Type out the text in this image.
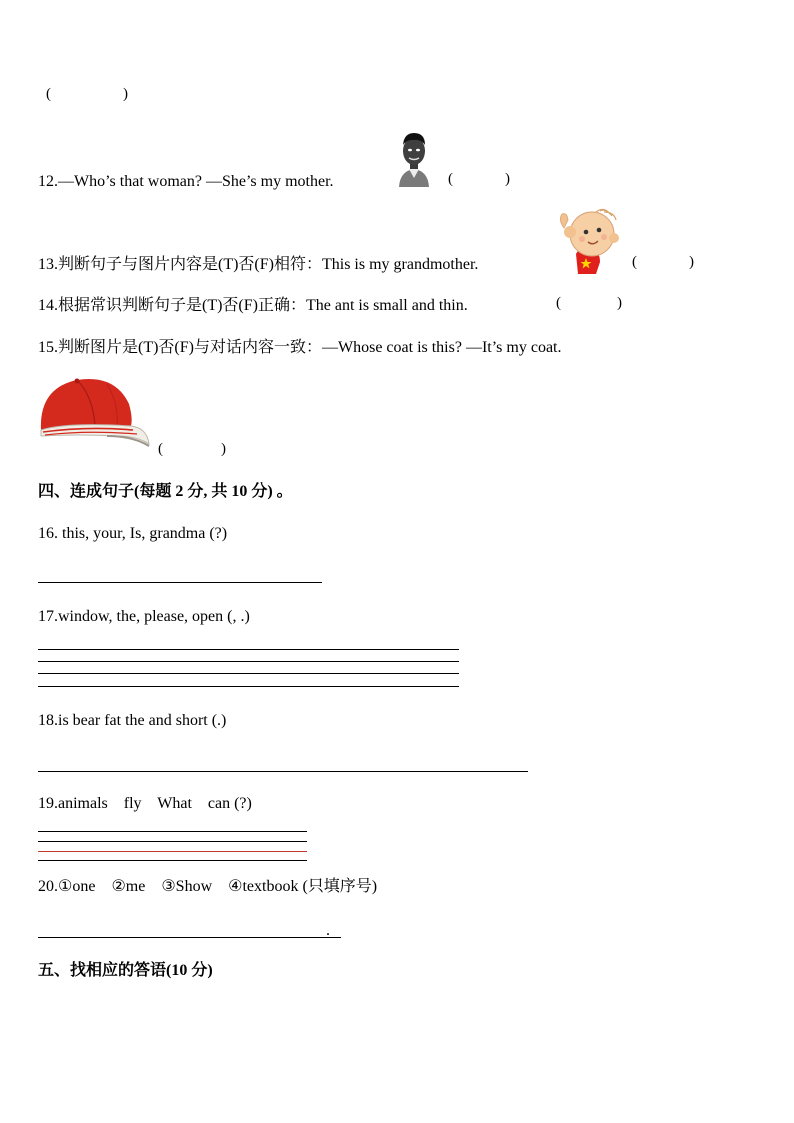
(	)
12.—Who’s that woman? —She’s my mother.	(	)
13.判断句子与图片内容是(T)否(F)相符：This is my grandmother.	(	)
14.根据常识判断句子是(T)否(F)正确：The ant is small and thin.	(	)
15.判断图片是(T)否(F)与对话内容一致：—Whose coat is this? —It’s my coat.
(	)
四、连成句子(每题 2 分, 共 10 分) 。
16. this, your, Is, grandma (?)
17.window, the, please, open (, .)
18.is bear fat the and short (.)
19.animals    fly    What    can (?)
20.①one    ②me    ③Show    ④textbook (只填序号)
.
五、找相应的答语(10 分)
